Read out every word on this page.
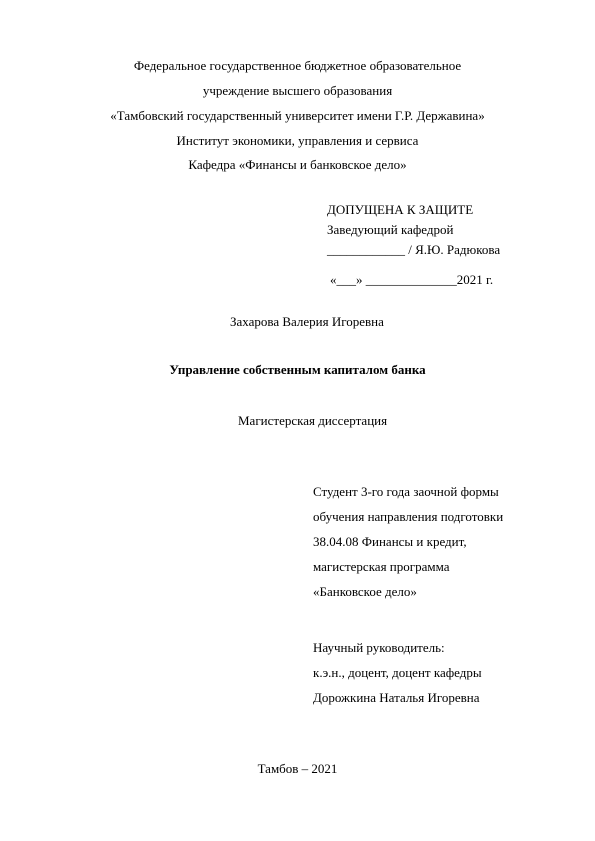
Федеральное государственное бюджетное образовательное
учреждение высшего образования
«Тамбовский государственный университет имени Г.Р. Державина»
Институт экономики, управления и сервиса
Кафедра «Финансы и банковское дело»
ДОПУЩЕНА К ЗАЩИТЕ
Заведующий кафедрой
____________ / Я.Ю. Радюкова
«___» ______________2021 г.
Захарова Валерия Игоревна
Управление собственным капиталом банка
Магистерская диссертация
Студент 3-го года заочной формы
обучения направления подготовки
38.04.08 Финансы и кредит,
магистерская программа
«Банковское дело»
Научный руководитель:
к.э.н., доцент, доцент кафедры
Дорожкина Наталья Игоревна
Тамбов – 2021
